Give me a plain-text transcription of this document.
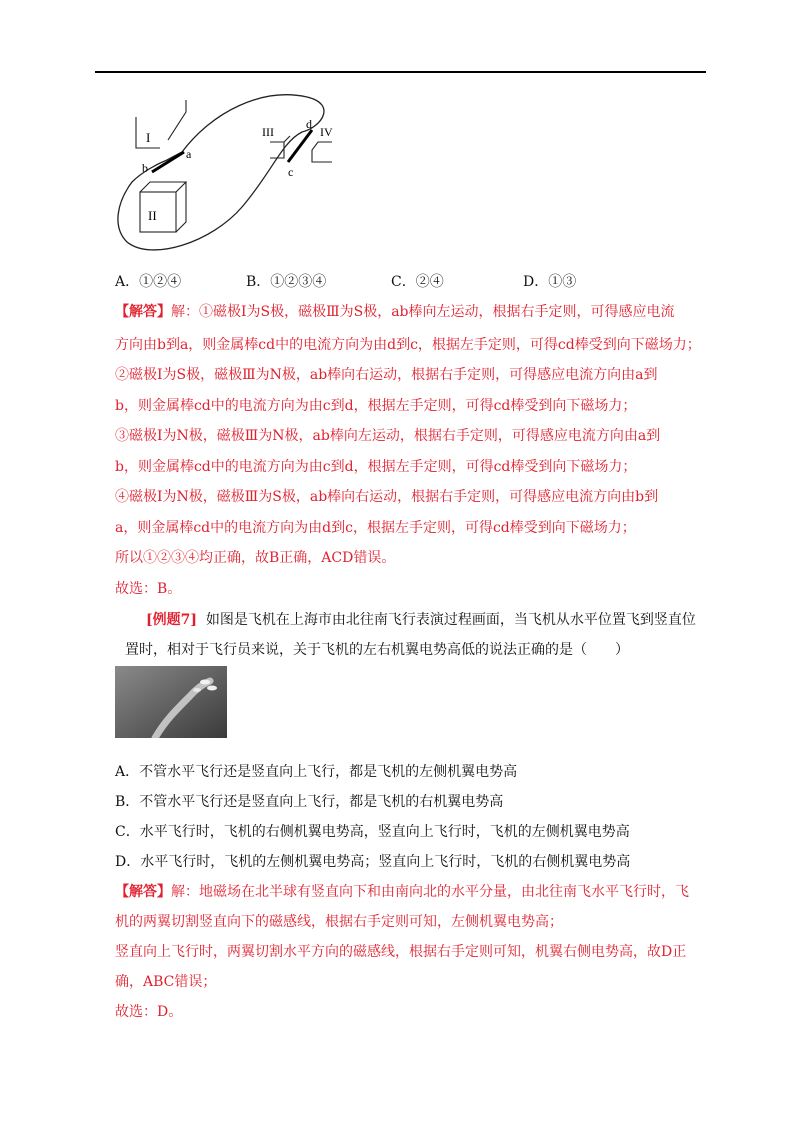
I
II
b
a
III
d
c
IV
A．①②④	B．①②③④	C．②④	D．①③
【解答】解：①磁极Ⅰ为S极，磁极Ⅲ为S极，ab棒向左运动，根据右手定则，可得感应电流
方向由b到a，则金属棒cd中的电流方向为由d到c，根据左手定则，可得cd棒受到向下磁场力；
②磁极Ⅰ为S极，磁极Ⅲ为N极，ab棒向右运动，根据右手定则，可得感应电流方向由a到
b，则金属棒cd中的电流方向为由c到d，根据左手定则，可得cd棒受到向下磁场力；
③磁极Ⅰ为N极，磁极Ⅲ为N极，ab棒向左运动，根据右手定则，可得感应电流方向由a到
b，则金属棒cd中的电流方向为由c到d，根据左手定则，可得cd棒受到向下磁场力；
④磁极Ⅰ为N极，磁极Ⅲ为S极，ab棒向右运动，根据右手定则，可得感应电流方向由b到
a，则金属棒cd中的电流方向为由d到c，根据左手定则，可得cd棒受到向下磁场力；
所以①②③④均正确，故B正确，ACD错误。
故选：B。
[例题7] 如图是飞机在上海市由北往南飞行表演过程画面，当飞机从水平位置飞到竖直位
置时，相对于飞行员来说，关于飞机的左右机翼电势高低的说法正确的是（　　）
A．不管水平飞行还是竖直向上飞行，都是飞机的左侧机翼电势高
B．不管水平飞行还是竖直向上飞行，都是飞机的右机翼电势高
C．水平飞行时，飞机的右侧机翼电势高，竖直向上飞行时，飞机的左侧机翼电势高
D．水平飞行时，飞机的左侧机翼电势高；竖直向上飞行时，飞机的右侧机翼电势高
【解答】解：地磁场在北半球有竖直向下和由南向北的水平分量，由北往南飞水平飞行时，飞
机的两翼切割竖直向下的磁感线，根据右手定则可知，左侧机翼电势高；
竖直向上飞行时，两翼切割水平方向的磁感线，根据右手定则可知，机翼右侧电势高，故D正
确，ABC错误；
故选：D。
